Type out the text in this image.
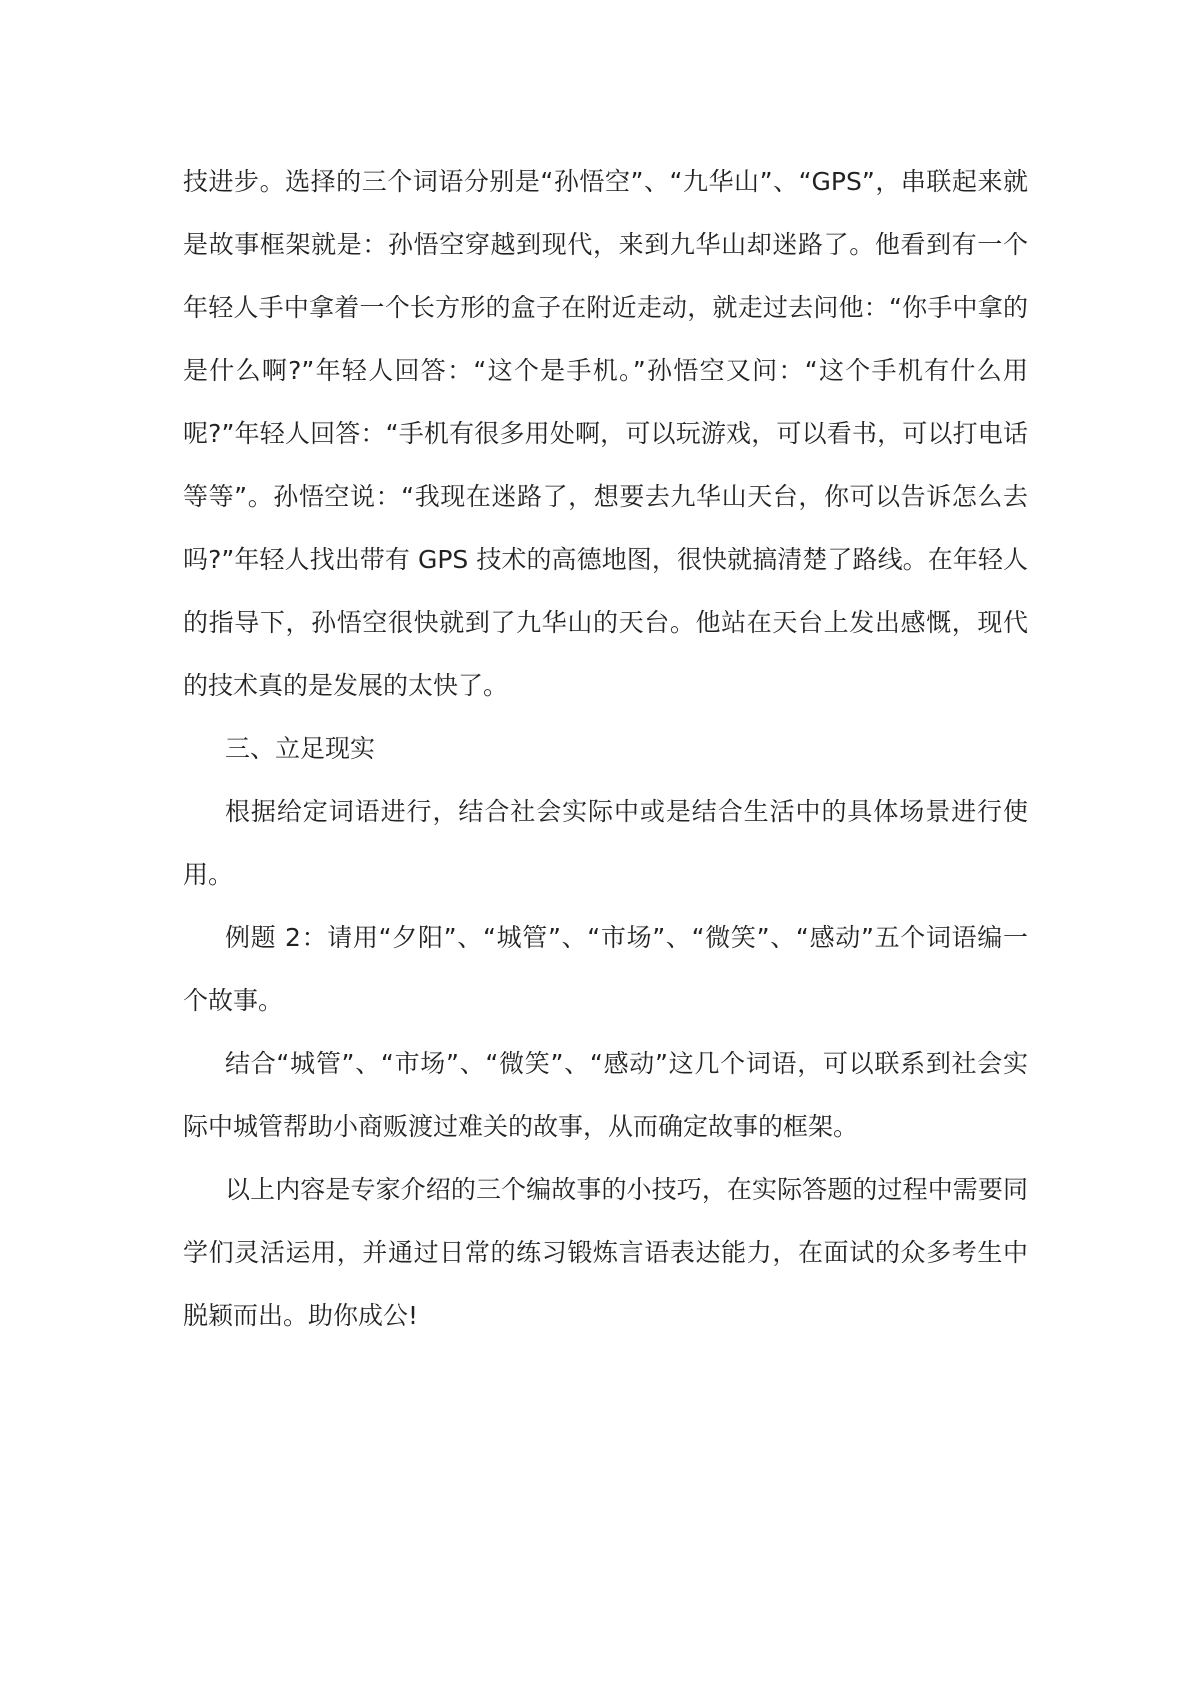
技进步。选择的三个词语分别是“孙悟空”、“九华山”、“GPS”，串联起来就是故事框架就是：孙悟空穿越到现代，来到九华山却迷路了。他看到有一个年轻人手中拿着一个长方形的盒子在附近走动，就走过去问他：“你手中拿的是什么啊?”年轻人回答：“这个是手机。”孙悟空又问：“这个手机有什么用呢?”年轻人回答：“手机有很多用处啊，可以玩游戏，可以看书，可以打电话等等”。孙悟空说：“我现在迷路了，想要去九华山天台，你可以告诉怎么去吗?”年轻人找出带有 GPS 技术的高德地图，很快就搞清楚了路线。在年轻人的指导下，孙悟空很快就到了九华山的天台。他站在天台上发出感慨，现代的技术真的是发展的太快了。

三、立足现实

根据给定词语进行，结合社会实际中或是结合生活中的具体场景进行使用。

例题 2：请用“夕阳”、“城管”、“市场”、“微笑”、“感动”五个词语编一个故事。

结合“城管”、“市场”、“微笑”、“感动”这几个词语，可以联系到社会实际中城管帮助小商贩渡过难关的故事，从而确定故事的框架。

以上内容是专家介绍的三个编故事的小技巧，在实际答题的过程中需要同学们灵活运用，并通过日常的练习锻炼言语表达能力，在面试的众多考生中脱颖而出。助你成公!
